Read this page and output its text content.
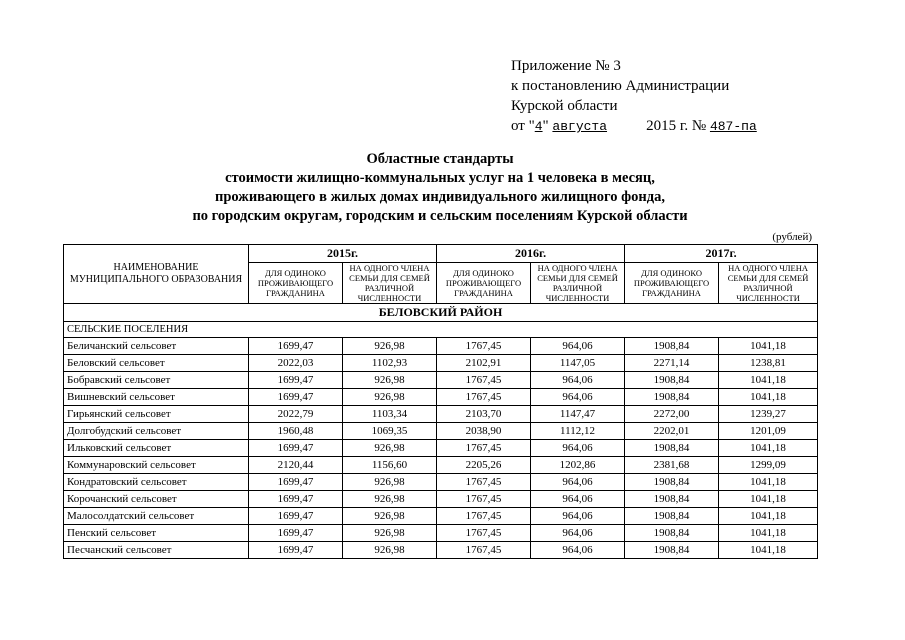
Приложение № 3
к постановлению Администрации
Курской области
от "4" августа	2015 г. № 487-па
Областные стандарты
стоимости жилищно-коммунальных услуг на 1 человека в месяц,
проживающего в жилых домах индивидуального жилищного фонда,
по городским округам, городским и сельским поселениям Курской области
(рублей)
НАИМЕНОВАНИЕ МУНИЦИПАЛЬНОГО ОБРАЗОВАНИЯ	2015г.		2016г.		2017г.	
	ДЛЯ ОДИНОКО ПРОЖИВАЮЩЕГО ГРАЖДАНИНА	НА ОДНОГО ЧЛЕНА СЕМЬИ ДЛЯ СЕМЕЙ РАЗЛИЧНОЙ ЧИСЛЕННОСТИ	ДЛЯ ОДИНОКО ПРОЖИВАЮЩЕГО ГРАЖДАНИНА	НА ОДНОГО ЧЛЕНА СЕМЬИ ДЛЯ СЕМЕЙ РАЗЛИЧНОЙ ЧИСЛЕННОСТИ	ДЛЯ ОДИНОКО ПРОЖИВАЮЩЕГО ГРАЖДАНИНА	НА ОДНОГО ЧЛЕНА СЕМЬИ ДЛЯ СЕМЕЙ РАЗЛИЧНОЙ ЧИСЛЕННОСТИ
БЕЛОВСКИЙ РАЙОН						
СЕЛЬСКИЕ ПОСЕЛЕНИЯ						
Беличанский сельсовет	1699,47	926,98	1767,45	964,06	1908,84	1041,18
Беловский сельсовет	2022,03	1102,93	2102,91	1147,05	2271,14	1238,81
Бобравский сельсовет	1699,47	926,98	1767,45	964,06	1908,84	1041,18
Вишневский сельсовет	1699,47	926,98	1767,45	964,06	1908,84	1041,18
Гирьянский сельсовет	2022,79	1103,34	2103,70	1147,47	2272,00	1239,27
Долгобудский сельсовет	1960,48	1069,35	2038,90	1112,12	2202,01	1201,09
Ильковский сельсовет	1699,47	926,98	1767,45	964,06	1908,84	1041,18
Коммунаровский сельсовет	2120,44	1156,60	2205,26	1202,86	2381,68	1299,09
Кондратовский сельсовет	1699,47	926,98	1767,45	964,06	1908,84	1041,18
Корочанский сельсовет	1699,47	926,98	1767,45	964,06	1908,84	1041,18
Малосолдатский сельсовет	1699,47	926,98	1767,45	964,06	1908,84	1041,18
Пенский сельсовет	1699,47	926,98	1767,45	964,06	1908,84	1041,18
Песчанский сельсовет	1699,47	926,98	1767,45	964,06	1908,84	1041,18
